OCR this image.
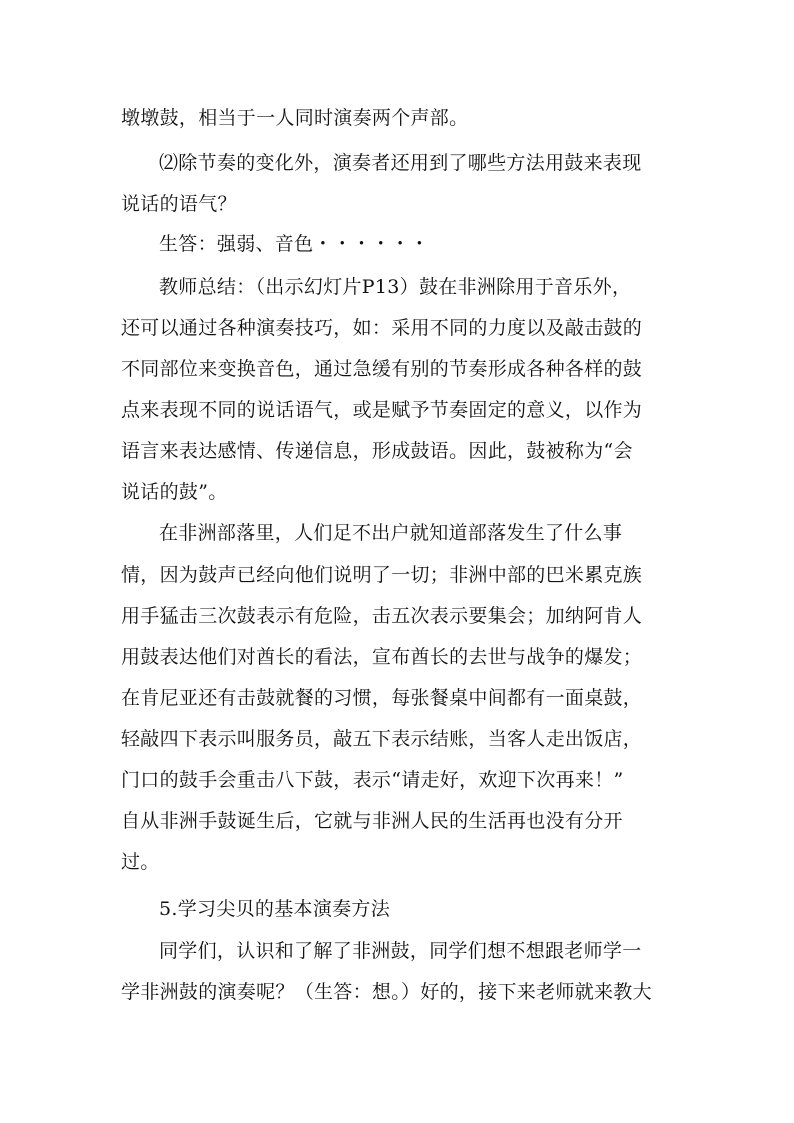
墩墩鼓，相当于一人同时演奏两个声部。
⑵除节奏的变化外，演奏者还用到了哪些方法用鼓来表现
说话的语气？
生答：强弱、音色・・・・・・
教师总结：（出示幻灯片P13）鼓在非洲除用于音乐外，
还可以通过各种演奏技巧，如：采用不同的力度以及敲击鼓的
不同部位来变换音色，通过急缓有别的节奏形成各种各样的鼓
点来表现不同的说话语气，或是赋予节奏固定的意义，以作为
语言来表达感情、传递信息，形成鼓语。因此，鼓被称为“会
说话的鼓”。
在非洲部落里，人们足不出户就知道部落发生了什么事
情，因为鼓声已经向他们说明了一切；非洲中部的巴米累克族
用手猛击三次鼓表示有危险，击五次表示要集会；加纳阿肯人
用鼓表达他们对酋长的看法，宣布酋长的去世与战争的爆发；
在肯尼亚还有击鼓就餐的习惯，每张餐桌中间都有一面桌鼓，
轻敲四下表示叫服务员，敲五下表示结账，当客人走出饭店，
门口的鼓手会重击八下鼓，表示“请走好，欢迎下次再来！”
自从非洲手鼓诞生后，它就与非洲人民的生活再也没有分开
过。
5.学习尖贝的基本演奏方法
同学们，认识和了解了非洲鼓，同学们想不想跟老师学一
学非洲鼓的演奏呢？（生答：想。）好的，接下来老师就来教大
